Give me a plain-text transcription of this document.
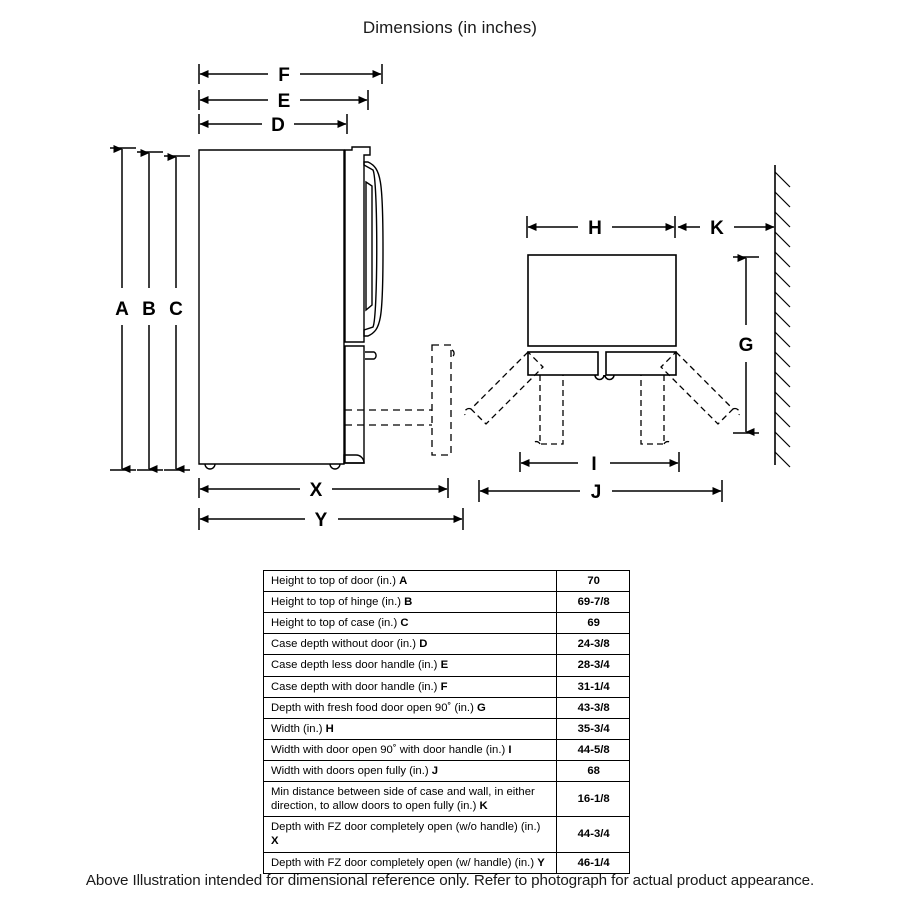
Dimensions (in inches)
F
E
D
A B C
X
Y
H	K
G
I
J
Height to top of door (in.) A	70
Height to top of hinge (in.) B	69-7/8
Height to top of case (in.) C	69
Case depth without door (in.) D	24-3/8
Case depth less door handle (in.) E	28-3/4
Case depth with door handle (in.) F	31-1/4
Depth with fresh food door open 90˚ (in.) G	43-3/8
Width (in.) H	35-3/4
Width with door open 90˚ with door handle (in.) I	44-5/8
Width with doors open fully (in.) J	68
Min distance between side of case and wall, in either direction, to allow doors to open fully (in.) K	16-1/8
Depth with FZ door completely open (w/o handle) (in.) X	44-3/4
Depth with FZ door completely open (w/ handle) (in.) Y	46-1/4
Above Illustration intended for dimensional reference only. Refer to photograph for actual product appearance.
